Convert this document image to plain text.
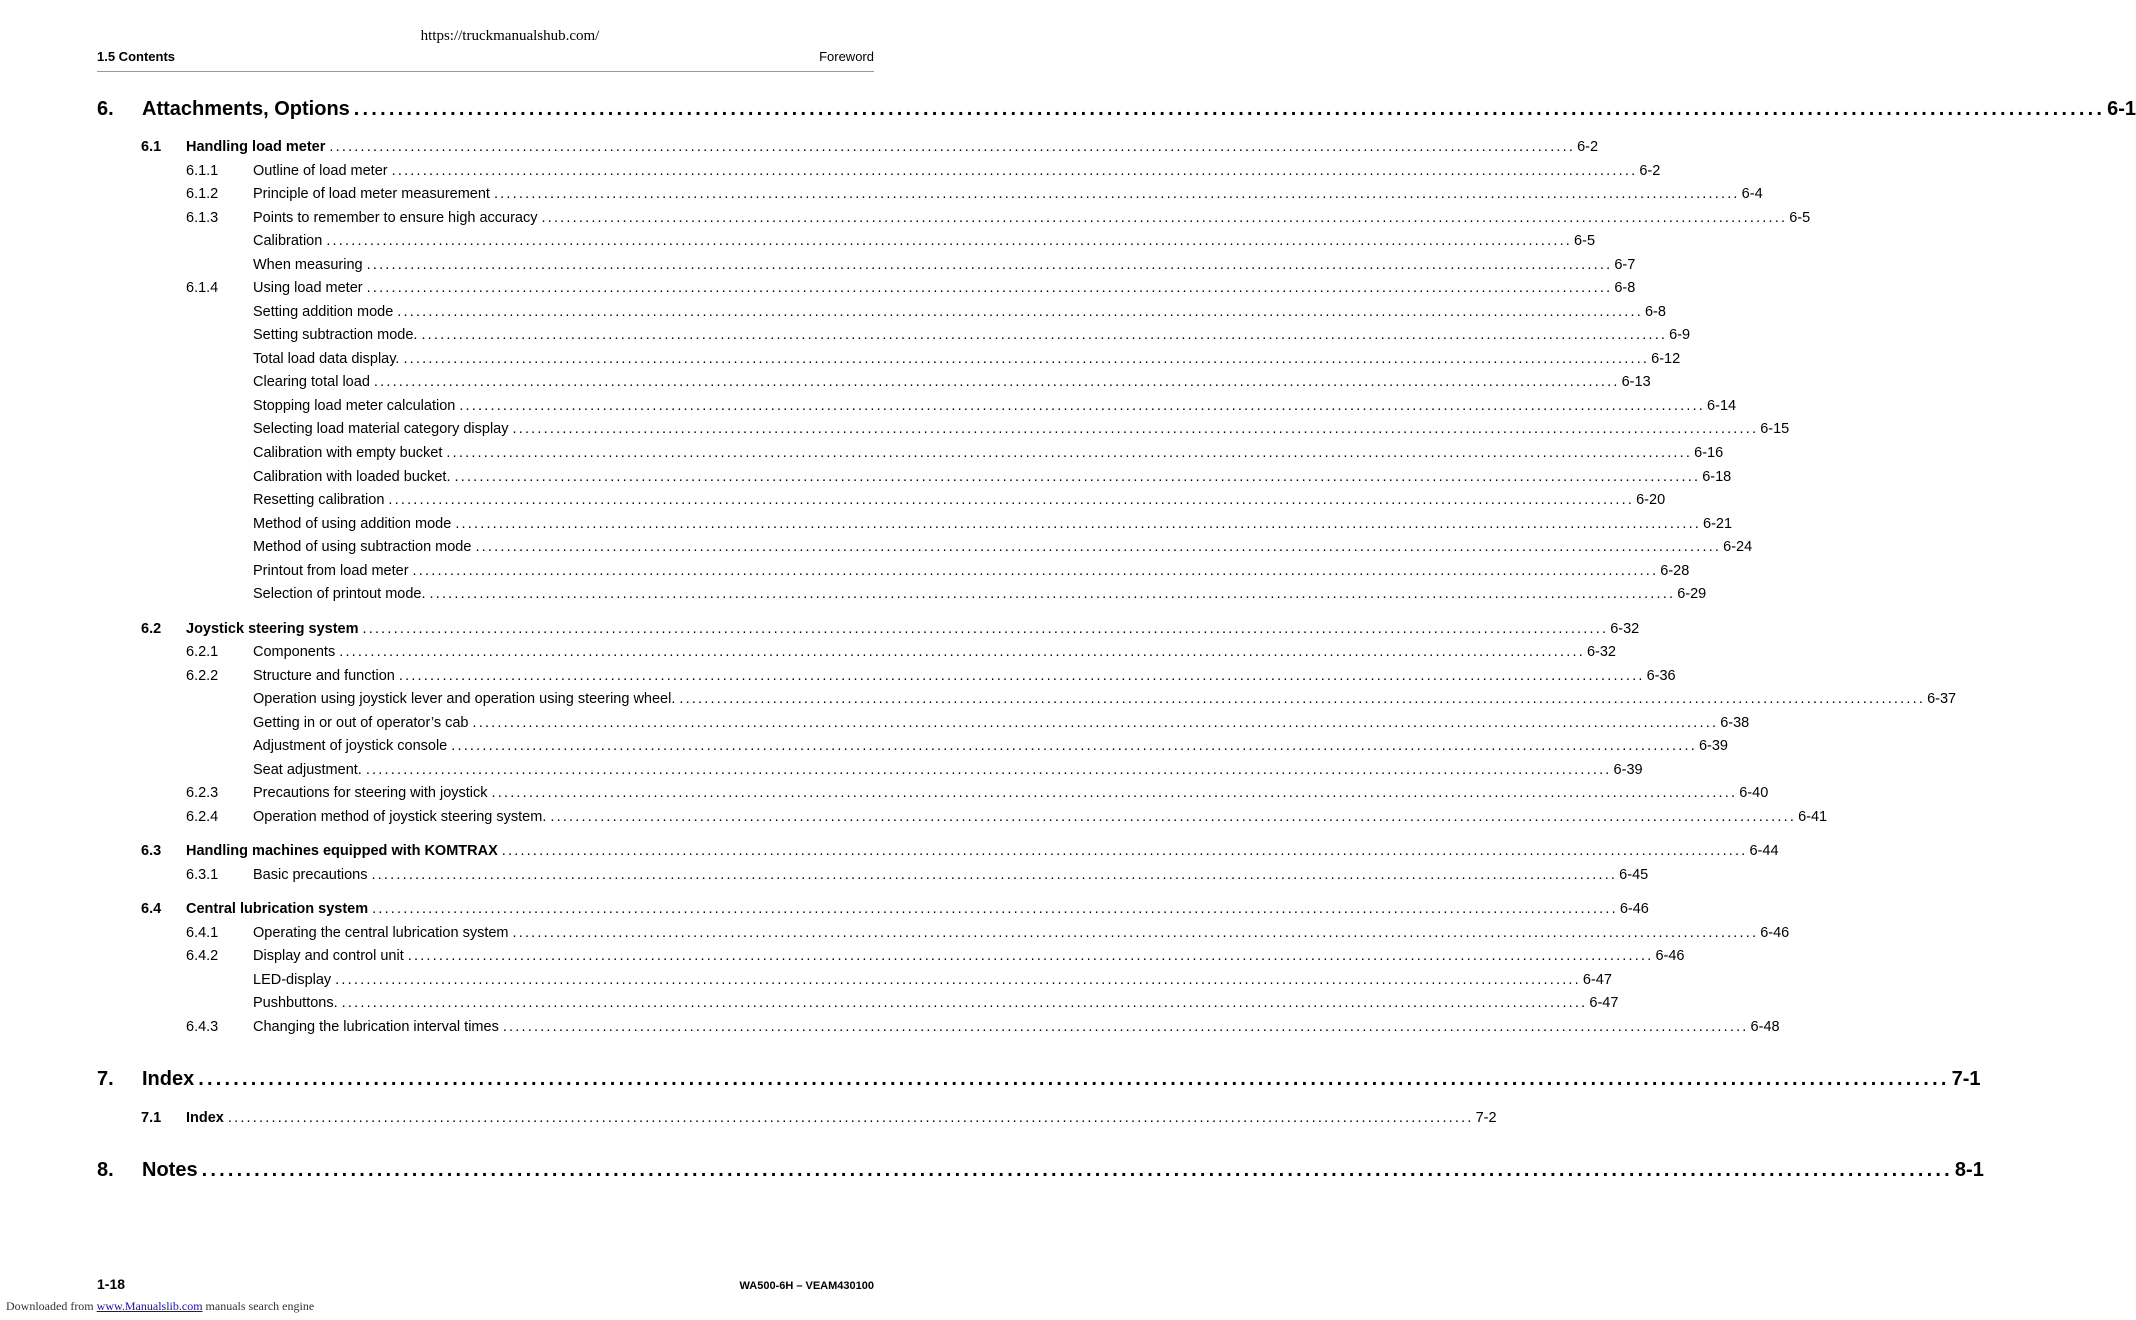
https://truckmanualshub.com/
1.5 Contents	Foreword
6.	Attachments, Options ........................................................................................................................................................................................................ 6-1
6.1	Handling load meter ........................................................................................................................................................................................................ 6-2
6.1.1	Outline of load meter ........................................................................................................................................................................................................ 6-2
6.1.2	Principle of load meter measurement ........................................................................................................................................................................................................ 6-4
6.1.3	Points to remember to ensure high accuracy ........................................................................................................................................................................................................ 6-5
Calibration ........................................................................................................................................................................................................ 6-5
When measuring ........................................................................................................................................................................................................ 6-7
6.1.4	Using load meter ........................................................................................................................................................................................................ 6-8
Setting addition mode ........................................................................................................................................................................................................ 6-8
Setting subtraction mode. ........................................................................................................................................................................................................ 6-9
Total load data display. ........................................................................................................................................................................................................ 6-12
Clearing total load ........................................................................................................................................................................................................ 6-13
Stopping load meter calculation ........................................................................................................................................................................................................ 6-14
Selecting load material category display ........................................................................................................................................................................................................ 6-15
Calibration with empty bucket ........................................................................................................................................................................................................ 6-16
Calibration with loaded bucket. ........................................................................................................................................................................................................ 6-18
Resetting calibration ........................................................................................................................................................................................................ 6-20
Method of using addition mode ........................................................................................................................................................................................................ 6-21
Method of using subtraction mode ........................................................................................................................................................................................................ 6-24
Printout from load meter ........................................................................................................................................................................................................ 6-28
Selection of printout mode. ........................................................................................................................................................................................................ 6-29
6.2	Joystick steering system ........................................................................................................................................................................................................ 6-32
6.2.1	Components ........................................................................................................................................................................................................ 6-32
6.2.2	Structure and function ........................................................................................................................................................................................................ 6-36
Operation using joystick lever and operation using steering wheel. ........................................................................................................................................................................................................ 6-37
Getting in or out of operator’s cab ........................................................................................................................................................................................................ 6-38
Adjustment of joystick console ........................................................................................................................................................................................................ 6-39
Seat adjustment. ........................................................................................................................................................................................................ 6-39
6.2.3	Precautions for steering with joystick ........................................................................................................................................................................................................ 6-40
6.2.4	Operation method of joystick steering system. ........................................................................................................................................................................................................ 6-41
6.3	Handling machines equipped with KOMTRAX ........................................................................................................................................................................................................ 6-44
6.3.1	Basic precautions ........................................................................................................................................................................................................ 6-45
6.4	Central lubrication system ........................................................................................................................................................................................................ 6-46
6.4.1	Operating the central lubrication system ........................................................................................................................................................................................................ 6-46
6.4.2	Display and control unit ........................................................................................................................................................................................................ 6-46
LED-display ........................................................................................................................................................................................................ 6-47
Pushbuttons. ........................................................................................................................................................................................................ 6-47
6.4.3	Changing the lubrication interval times ........................................................................................................................................................................................................ 6-48
7.	Index ........................................................................................................................................................................................................ 7-1
7.1	Index ........................................................................................................................................................................................................ 7-2
8.	Notes ........................................................................................................................................................................................................ 8-1
1-18	WA500-6H – VEAM430100
Downloaded from www.Manualslib.com manuals search engine
